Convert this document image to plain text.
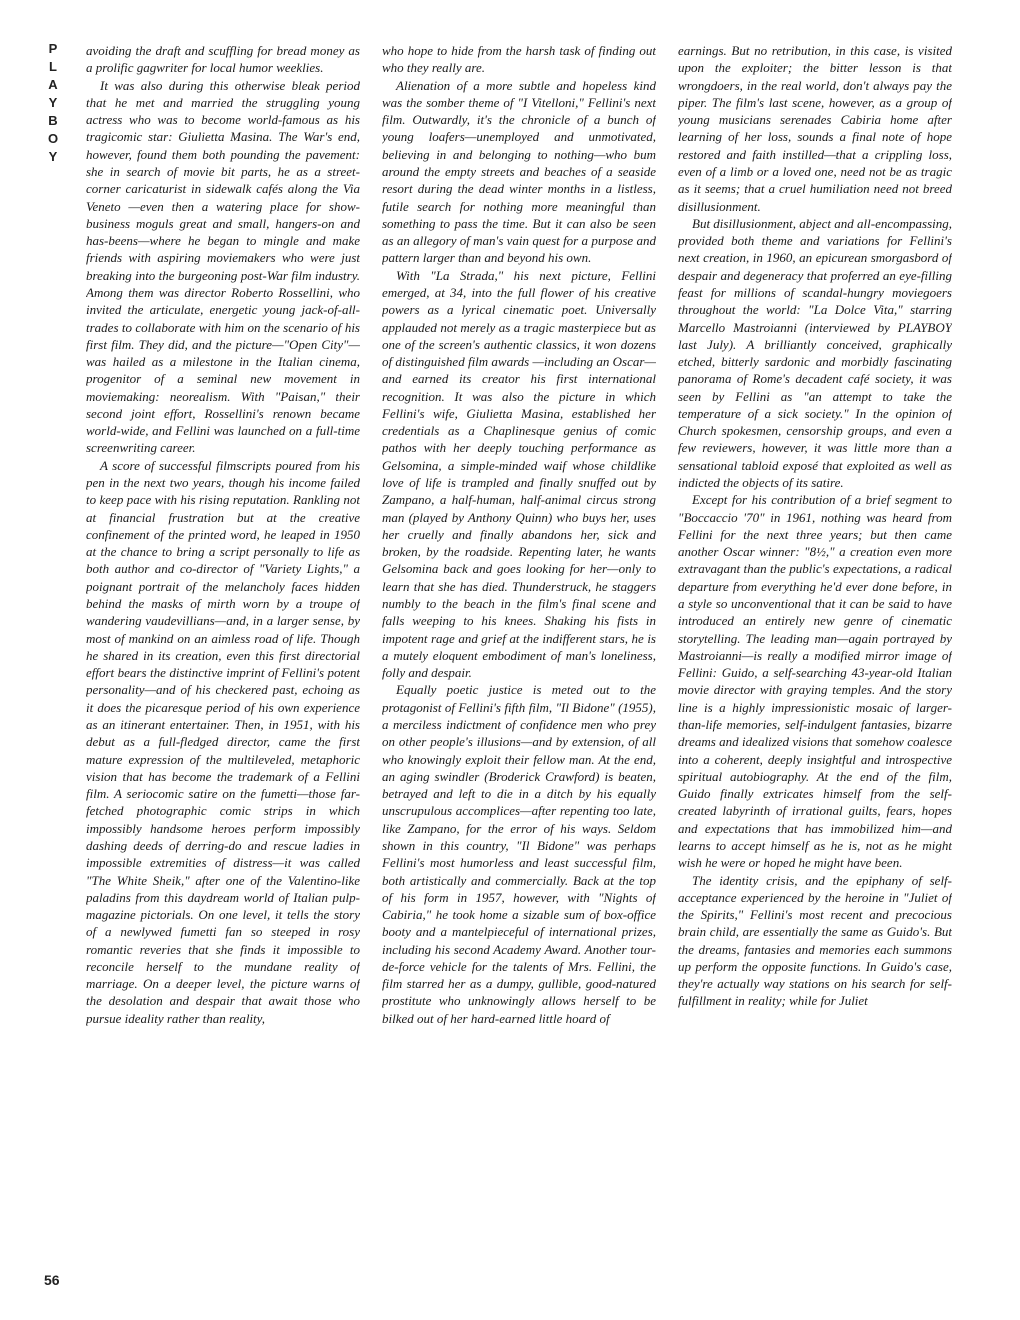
P
L
A
Y
B
O
Y
56

avoiding the draft and scuffling for bread money as a prolific gagwriter for local humor weeklies.

It was also during this otherwise bleak period that he met and married the struggling young actress who was to become world-famous as his tragicomic star: Giulietta Masina. The War's end, however, found them both pounding the pavement: she in search of movie bit parts, he as a street-corner caricaturist in sidewalk cafés along the Via Veneto —even then a watering place for show-business moguls great and small, hangers-on and has-beens—where he began to mingle and make friends with aspiring moviemakers who were just breaking into the burgeoning post-War film industry. Among them was director Roberto Rossellini, who invited the articulate, energetic young jack-of-all-trades to collaborate with him on the scenario of his first film. They did, and the picture—"Open City"—was hailed as a milestone in the Italian cinema, progenitor of a seminal new movement in moviemaking: neorealism. With "Paisan," their second joint effort, Rossellini's renown became world-wide, and Fellini was launched on a full-time screenwriting career.

A score of successful filmscripts poured from his pen in the next two years, though his income failed to keep pace with his rising reputation. Rankling not at financial frustration but at the creative confinement of the printed word, he leaped in 1950 at the chance to bring a script personally to life as both author and co-director of "Variety Lights," a poignant portrait of the melancholy faces hidden behind the masks of mirth worn by a troupe of wandering vaudevillians—and, in a larger sense, by most of mankind on an aimless road of life. Though he shared in its creation, even this first directorial effort bears the distinctive imprint of Fellini's potent personality—and of his checkered past, echoing as it does the picaresque period of his own experience as an itinerant entertainer. Then, in 1951, with his debut as a full-fledged director, came the first mature expression of the multileveled, metaphoric vision that has become the trademark of a Fellini film. A seriocomic satire on the fumetti—those far-fetched photographic comic strips in which impossibly handsome heroes perform impossibly dashing deeds of derring-do and rescue ladies in impossible extremities of distress—it was called "The White Sheik," after one of the Valentino-like paladins from this daydream world of Italian pulp-magazine pictorials. On one level, it tells the story of a newlywed fumetti fan so steeped in rosy romantic reveries that she finds it impossible to reconcile herself to the mundane reality of marriage. On a deeper level, the picture warns of the desolation and despair that await those who pursue ideality rather than reality,

who hope to hide from the harsh task of finding out who they really are.

Alienation of a more subtle and hopeless kind was the somber theme of "I Vitelloni," Fellini's next film. Outwardly, it's the chronicle of a bunch of young loafers—unemployed and unmotivated, believing in and belonging to nothing—who bum around the empty streets and beaches of a seaside resort during the dead winter months in a listless, futile search for nothing more meaningful than something to pass the time. But it can also be seen as an allegory of man's vain quest for a purpose and pattern larger than and beyond his own.

With "La Strada," his next picture, Fellini emerged, at 34, into the full flower of his creative powers as a lyrical cinematic poet. Universally applauded not merely as a tragic masterpiece but as one of the screen's authentic classics, it won dozens of distinguished film awards —including an Oscar—and earned its creator his first international recognition. It was also the picture in which Fellini's wife, Giulietta Masina, established her credentials as a Chaplinesque genius of comic pathos with her deeply touching performance as Gelsomina, a simple-minded waif whose childlike love of life is trampled and finally snuffed out by Zampano, a half-human, half-animal circus strong man (played by Anthony Quinn) who buys her, uses her cruelly and finally abandons her, sick and broken, by the roadside. Repenting later, he wants Gelsomina back and goes looking for her—only to learn that she has died. Thunderstruck, he staggers numbly to the beach in the film's final scene and falls weeping to his knees. Shaking his fists in impotent rage and grief at the indifferent stars, he is a mutely eloquent embodiment of man's loneliness, folly and despair.

Equally poetic justice is meted out to the protagonist of Fellini's fifth film, "Il Bidone" (1955), a merciless indictment of confidence men who prey on other people's illusions—and by extension, of all who knowingly exploit their fellow man. At the end, an aging swindler (Broderick Crawford) is beaten, betrayed and left to die in a ditch by his equally unscrupulous accomplices—after repenting too late, like Zampano, for the error of his ways. Seldom shown in this country, "Il Bidone" was perhaps Fellini's most humorless and least successful film, both artistically and commercially. Back at the top of his form in 1957, however, with "Nights of Cabiria," he took home a sizable sum of box-office booty and a mantelpieceful of international prizes, including his second Academy Award. Another tour-de-force vehicle for the talents of Mrs. Fellini, the film starred her as a dumpy, gullible, good-natured prostitute who unknowingly allows herself to be bilked out of her hard-earned little hoard of

earnings. But no retribution, in this case, is visited upon the exploiter; the bitter lesson is that wrongdoers, in the real world, don't always pay the piper. The film's last scene, however, as a group of young musicians serenades Cabiria home after learning of her loss, sounds a final note of hope restored and faith instilled—that a crippling loss, even of a limb or a loved one, need not be as tragic as it seems; that a cruel humiliation need not breed disillusionment.

But disillusionment, abject and all-encompassing, provided both theme and variations for Fellini's next creation, in 1960, an epicurean smorgasbord of despair and degeneracy that proferred an eye-filling feast for millions of scandal-hungry moviegoers throughout the world: "La Dolce Vita," starring Marcello Mastroianni (interviewed by PLAYBOY last July). A brilliantly conceived, graphically etched, bitterly sardonic and morbidly fascinating panorama of Rome's decadent café society, it was seen by Fellini as "an attempt to take the temperature of a sick society." In the opinion of Church spokesmen, censorship groups, and even a few reviewers, however, it was little more than a sensational tabloid exposé that exploited as well as indicted the objects of its satire.

Except for his contribution of a brief segment to "Boccaccio '70" in 1961, nothing was heard from Fellini for the next three years; but then came another Oscar winner: "8½," a creation even more extravagant than the public's expectations, a radical departure from everything he'd ever done before, in a style so unconventional that it can be said to have introduced an entirely new genre of cinematic storytelling. The leading man—again portrayed by Mastroianni—is really a modified mirror image of Fellini: Guido, a self-searching 43-year-old Italian movie director with graying temples. And the story line is a highly impressionistic mosaic of larger-than-life memories, self-indulgent fantasies, bizarre dreams and idealized visions that somehow coalesce into a coherent, deeply insightful and introspective spiritual autobiography. At the end of the film, Guido finally extricates himself from the self-created labyrinth of irrational guilts, fears, hopes and expectations that has immobilized him—and learns to accept himself as he is, not as he might wish he were or hoped he might have been.

The identity crisis, and the epiphany of self-acceptance experienced by the heroine in "Juliet of the Spirits," Fellini's most recent and precocious brain child, are essentially the same as Guido's. But the dreams, fantasies and memories each summons up perform the opposite functions. In Guido's case, they're actually way stations on his search for self-fulfillment in reality; while for Juliet
